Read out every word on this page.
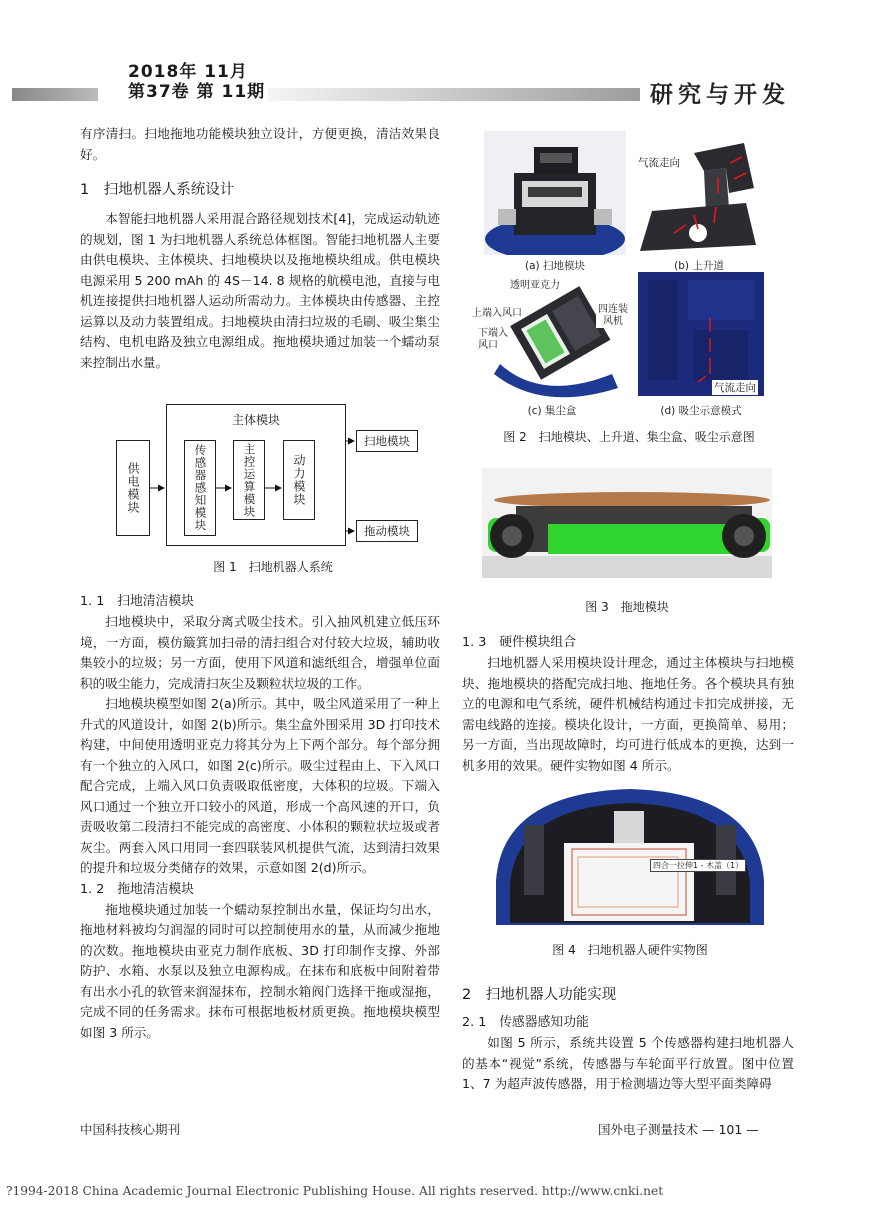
2018年 11月
第37卷 第 11期	研究与开发

有序清扫。扫地拖地功能模块独立设计，方便更换，清洁效果良好。

1　扫地机器人系统设计

本智能扫地机器人采用混合路径规划技术[4]，完成运动轨迹的规划，图 1 为扫地机器人系统总体框图。智能扫地机器人主要由供电模块、主体模块、扫地模块以及拖地模块组成。供电模块电源采用 5 200 mAh 的 4S－14. 8 规格的航模电池，直接与电机连接提供扫地机器人运动所需动力。主体模块由传感器、主控运算以及动力装置组成。扫地模块由清扫垃圾的毛刷、吸尘集尘结构、电机电路及独立电源组成。拖地模块通过加装一个蠕动泵来控制出水量。

主体模块
供电模块	传感器感知模块	主控运算模块	动力模块
扫地模块
拖动模块
图 1　扫地机器人系统

1. 1　扫地清洁模块

扫地模块中，采取分离式吸尘技术。引入抽风机建立低压环境，一方面，模仿簸箕加扫帚的清扫组合对付较大垃圾，辅助收集较小的垃圾；另一方面，使用下风道和滤纸组合，增强单位面积的吸尘能力，完成清扫灰尘及颗粒状垃圾的工作。

扫地模块模型如图 2(a)所示。其中，吸尘风道采用了一种上升式的风道设计，如图 2(b)所示。集尘盒外围采用 3D 打印技术构建，中间使用透明亚克力将其分为上下两个部分。每个部分拥有一个独立的入风口，如图 2(c)所示。吸尘过程由上、下入风口配合完成，上端入风口负责吸取低密度，大体积的垃圾。下端入风口通过一个独立开口较小的风道，形成一个高风速的开口，负责吸收第二段清扫不能完成的高密度、小体积的颗粒状垃圾或者灰尘。两套入风口用同一套四联装风机提供气流，达到清扫效果的提升和垃圾分类储存的效果，示意如图 2(d)所示。

1. 2　拖地清洁模块

拖地模块通过加装一个蠕动泵控制出水量，保证均匀出水，拖地材料被均匀润湿的同时可以控制使用水的量，从而减少拖地的次数。拖地模块由亚克力制作底板、3D 打印制作支撑、外部防护、水箱、水泵以及独立电源构成。在抹布和底板中间附着带有出水小孔的软管来润湿抹布，控制水箱阀门选择干拖或湿拖，完成不同的任务需求。抹布可根据地板材质更换。拖地模块模型如图 3 所示。

(a) 扫地模块
气流走向
(b) 上升道
透明亚克力
上端入风口
下端入风口
四连装风机
(c) 集尘盒
气流走向
(d) 吸尘示意模式
图 2　扫地模块、上升道、集尘盒、吸尘示意图
图 3　拖地模块

1. 3　硬件模块组合

扫地机器人采用模块设计理念，通过主体模块与扫地模块、拖地模块的搭配完成扫地、拖地任务。各个模块具有独立的电源和电气系统，硬件机械结构通过卡扣完成拼接，无需电线路的连接。模块化设计，一方面，更换简单、易用；另一方面，当出现故障时，均可进行低成本的更换，达到一机多用的效果。硬件实物如图 4 所示。

四合一拉伸1 - 木盖（1）
图 4　扫地机器人硬件实物图

2　扫地机器人功能实现

2. 1　传感器感知功能

如图 5 所示，系统共设置 5 个传感器构建扫地机器人的基本“视觉”系统，传感器与车轮面平行放置。图中位置 1、7 为超声波传感器，用于检测墙边等大型平面类障碍

中国科技核心期刊	国外电子测量技术 — 101 —
?1994-2018 China Academic Journal Electronic Publishing House. All rights reserved. http://www.cnki.net
